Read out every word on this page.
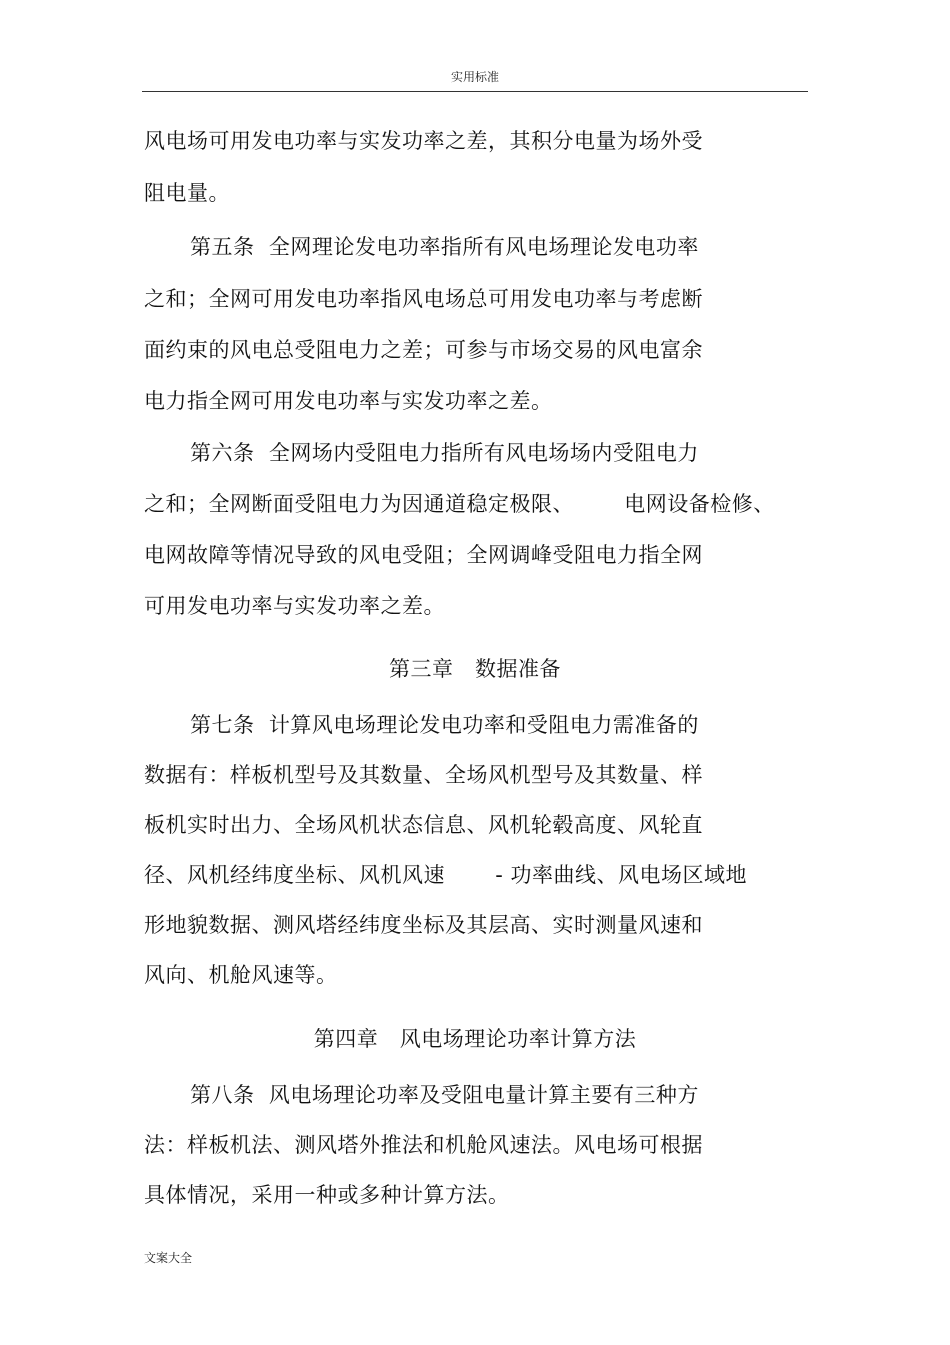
实用标准
风电场可用发电功率与实发功率之差，其积分电量为场外受
阻电量。
第五条  全网理论发电功率指所有风电场理论发电功率
之和；全网可用发电功率指风电场总可用发电功率与考虑断
面约束的风电总受阻电力之差；可参与市场交易的风电富余
电力指全网可用发电功率与实发功率之差。
第六条  全网场内受阻电力指所有风电场场内受阻电力
之和；全网断面受阻电力为因通道稳定极限、       电网设备检修、
电网故障等情况导致的风电受阻；全网调峰受阻电力指全网
可用发电功率与实发功率之差。
第三章   数据准备
第七条  计算风电场理论发电功率和受阻电力需准备的
数据有：样板机型号及其数量、全场风机型号及其数量、样
板机实时出力、全场风机状态信息、风机轮毂高度、风轮直
径、风机经纬度坐标、风机风速       - 功率曲线、风电场区域地
形地貌数据、测风塔经纬度坐标及其层高、实时测量风速和
风向、机舱风速等。
第四章   风电场理论功率计算方法
第八条  风电场理论功率及受阻电量计算主要有三种方
法：样板机法、测风塔外推法和机舱风速法。风电场可根据
具体情况，采用一种或多种计算方法。
文案大全
